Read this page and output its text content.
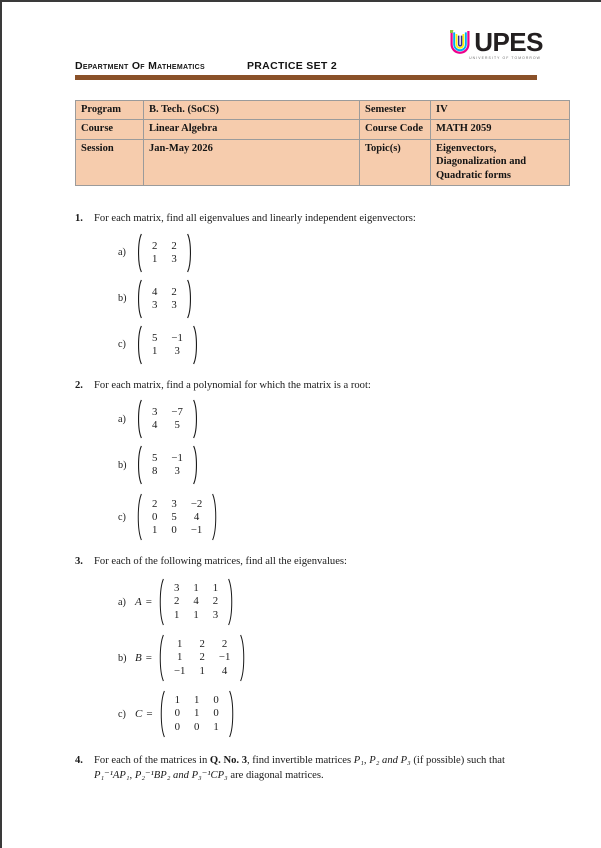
Department Of Mathematics	PRACTICE SET 2
UPES
UNIVERSITY OF TOMORROW
Program	B. Tech. (SoCS)	Semester	IV
Course	Linear Algebra	Course Code	MATH 2059
Session	Jan-May 2026	Topic(s)	Eigenvectors, Diagonalization and Quadratic forms
1.	For each matrix, find all eigenvalues and linearly independent eigenvectors:
a)
2	2
1	3
b)
4	2
3	3
c)
5	−1
1	3
2.	For each matrix, find a polynomial for which the matrix is a root:
a)
3	−7
4	5
b)
5	−1
8	3
c)
2	3	−2
0	5	4
1	0	−1
3.	For each of the following matrices, find all the eigenvalues:
a) A =
3	1	1
2	4	2
1	1	3
b) B =
1	2	2
1	2	−1
−1	1	4
c) C =
1	1	0
0	1	0
0	0	1
4.	For each of the matrices in Q. No. 3, find invertible matrices P₁, P₂ and P₃ (if possible) such that P₁⁻¹AP₁, P₂⁻¹BP₂ and P₃⁻¹CP₃ are diagonal matrices.
